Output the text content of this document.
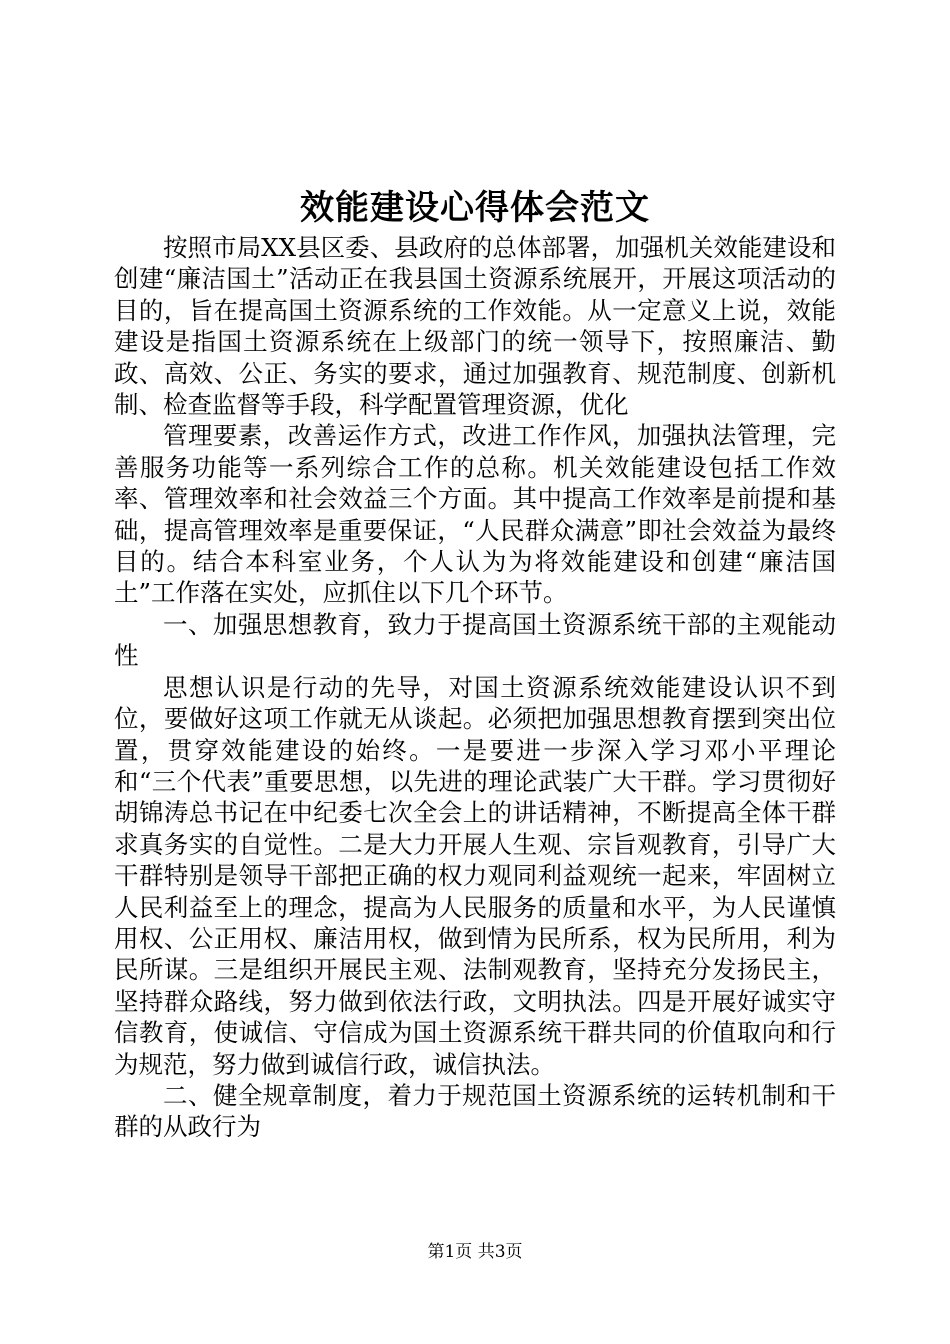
效能建设心得体会范文

按照市局XX县区委、县政府的总体部署，加强机关效能建设和创建“廉洁国土”活动正在我县国土资源系统展开，开展这项活动的目的，旨在提高国土资源系统的工作效能。从一定意义上说，效能建设是指国土资源系统在上级部门的统一领导下，按照廉洁、勤政、高效、公正、务实的要求，通过加强教育、规范制度、创新机制、检查监督等手段，科学配置管理资源，优化

管理要素，改善运作方式，改进工作作风，加强执法管理，完善服务功能等一系列综合工作的总称。机关效能建设包括工作效率、管理效率和社会效益三个方面。其中提高工作效率是前提和基础，提高管理效率是重要保证，“人民群众满意”即社会效益为最终目的。结合本科室业务，个人认为为将效能建设和创建“廉洁国土”工作落在实处，应抓住以下几个环节。

一、加强思想教育，致力于提高国土资源系统干部的主观能动性

思想认识是行动的先导，对国土资源系统效能建设认识不到位，要做好这项工作就无从谈起。必须把加强思想教育摆到突出位置，贯穿效能建设的始终。一是要进一步深入学习邓小平理论和“三个代表”重要思想，以先进的理论武装广大干群。学习贯彻好胡锦涛总书记在中纪委七次全会上的讲话精神，不断提高全体干群求真务实的自觉性。二是大力开展人生观、宗旨观教育，引导广大干群特别是领导干部把正确的权力观同利益观统一起来，牢固树立人民利益至上的理念，提高为人民服务的质量和水平，为人民谨慎用权、公正用权、廉洁用权，做到情为民所系，权为民所用，利为民所谋。三是组织开展民主观、法制观教育，坚持充分发扬民主，坚持群众路线，努力做到依法行政，文明执法。四是开展好诚实守信教育，使诚信、守信成为国土资源系统干群共同的价值取向和行为规范，努力做到诚信行政，诚信执法。

二、健全规章制度，着力于规范国土资源系统的运转机制和干群的从政行为

第1页 共3页
